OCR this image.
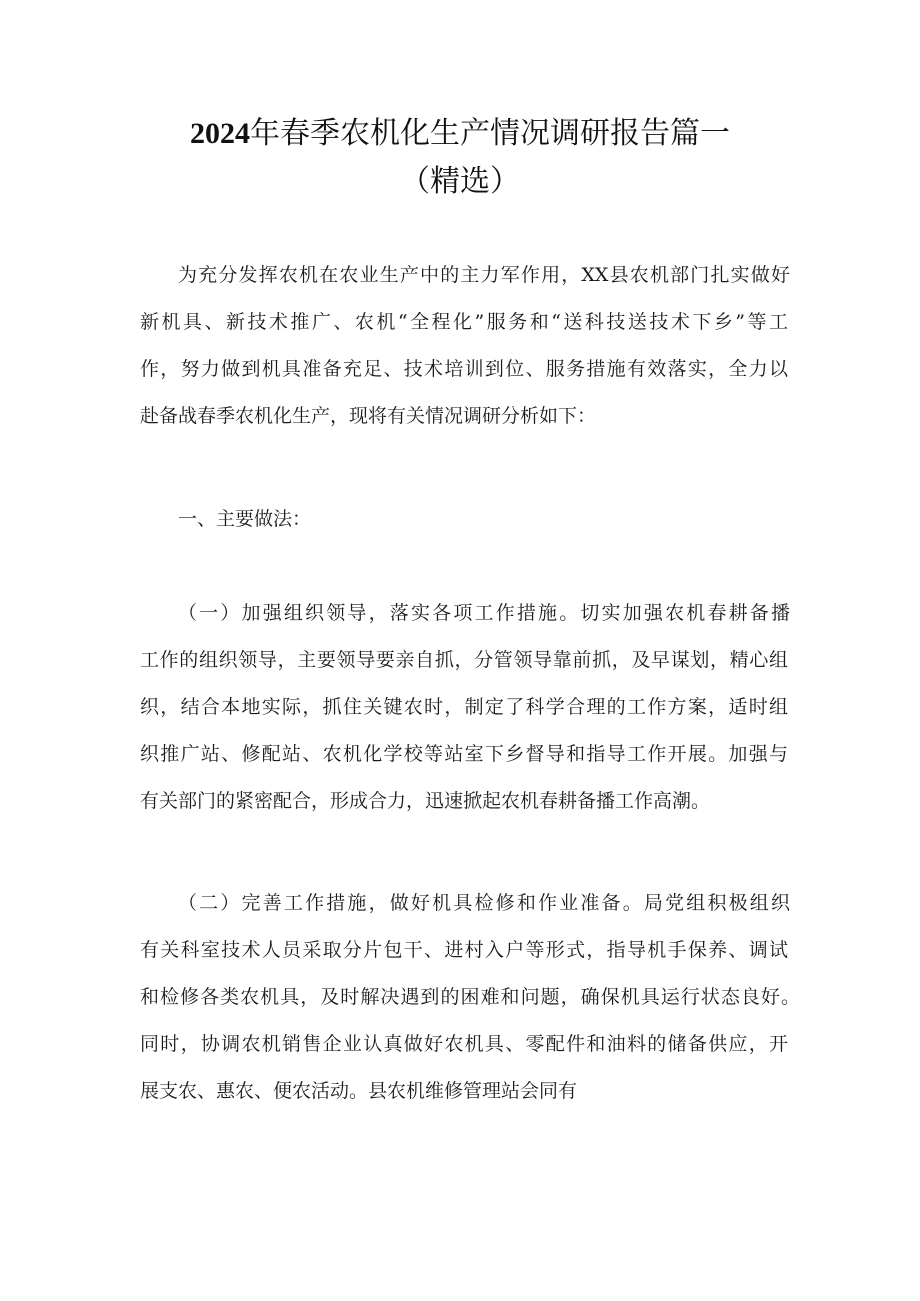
2024年春季农机化生产情况调研报告篇一
（精选）
为充分发挥农机在农业生产中的主力军作用，XX县农机部门扎实做好
新机具、新技术推广、农机“全程化”服务和“送科技送技术下乡”等工
作，努力做到机具准备充足、技术培训到位、服务措施有效落实，全力以
赴备战春季农机化生产，现将有关情况调研分析如下：
一、主要做法：
（一）加强组织领导，落实各项工作措施。切实加强农机春耕备播
工作的组织领导，主要领导要亲自抓，分管领导靠前抓，及早谋划，精心组
织，结合本地实际，抓住关键农时，制定了科学合理的工作方案，适时组
织推广站、修配站、农机化学校等站室下乡督导和指导工作开展。加强与
有关部门的紧密配合，形成合力，迅速掀起农机春耕备播工作高潮。
（二）完善工作措施，做好机具检修和作业准备。局党组积极组织
有关科室技术人员采取分片包干、进村入户等形式，指导机手保养、调试
和检修各类农机具，及时解决遇到的困难和问题，确保机具运行状态良好。
同时，协调农机销售企业认真做好农机具、零配件和油料的储备供应，开
展支农、惠农、便农活动。县农机维修管理站会同有
